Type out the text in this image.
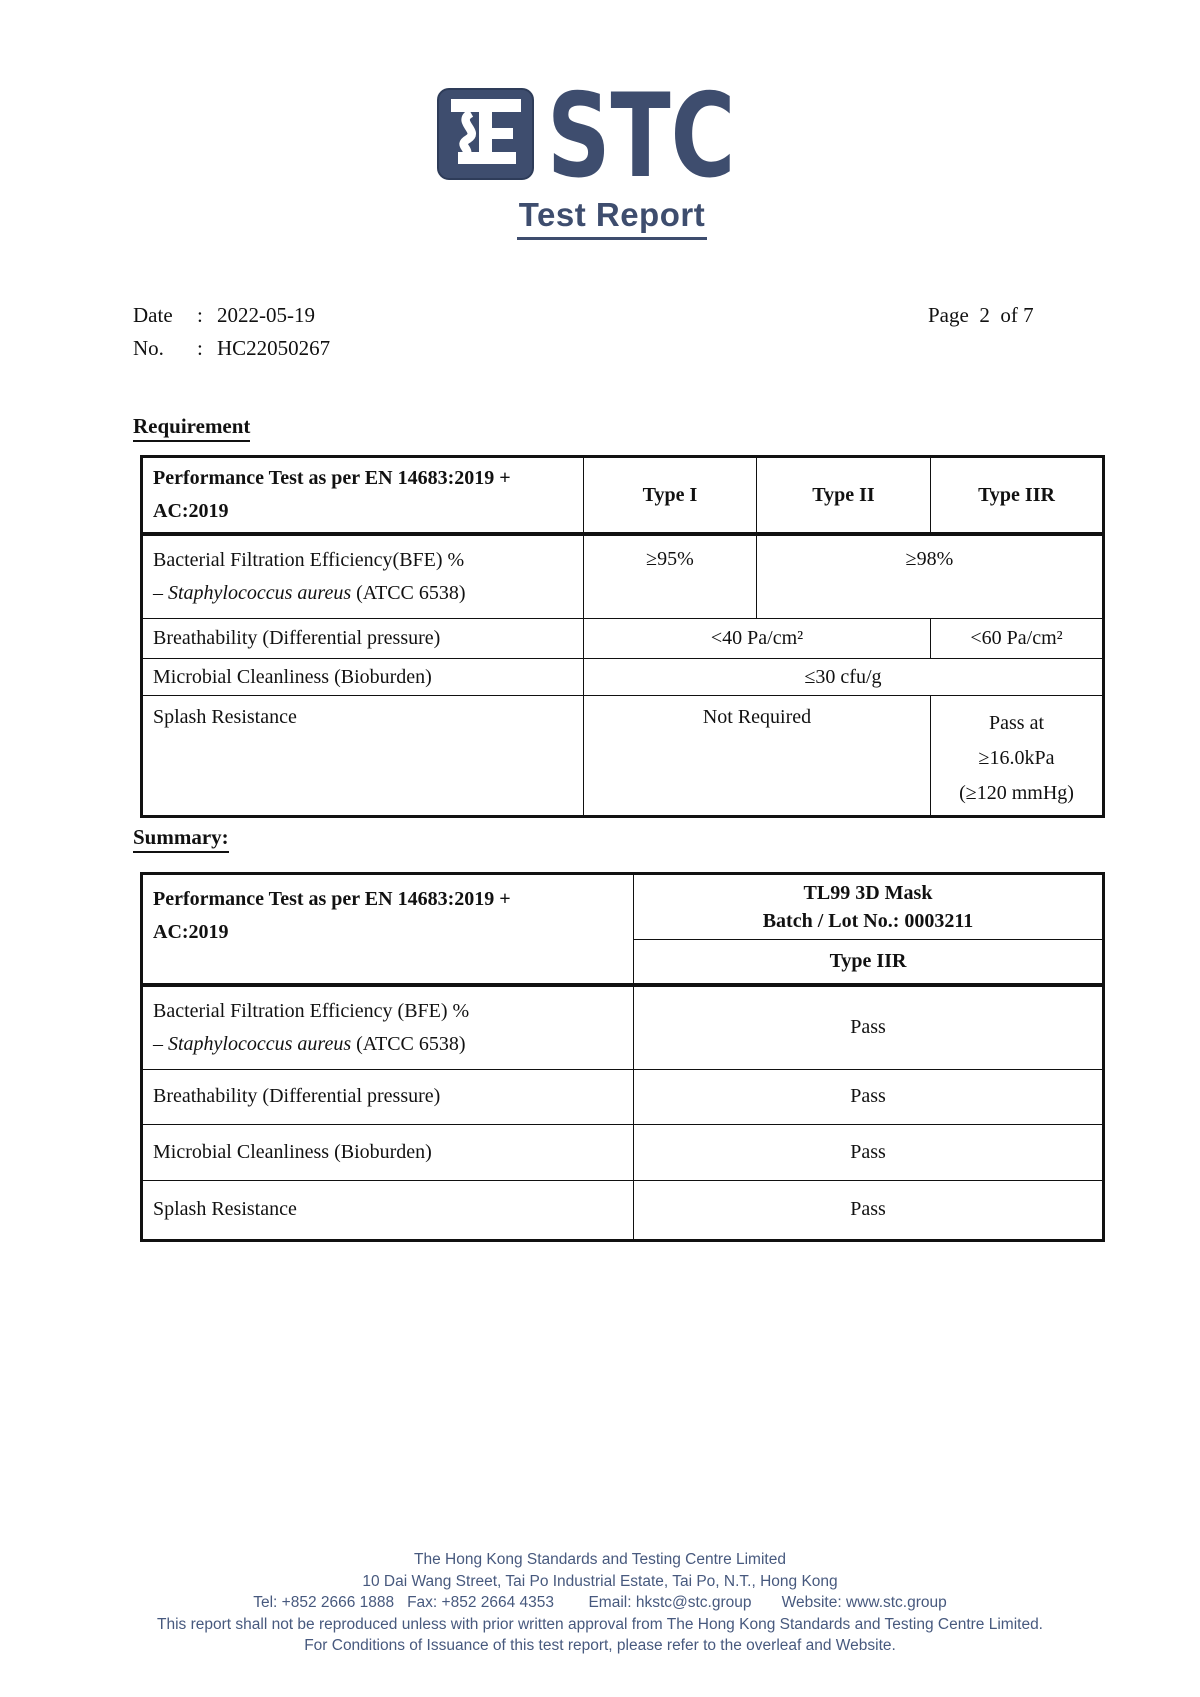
STC
Test Report
Date	: 2022-05-19
No.	: HC22050267
Page  2  of 7
Requirement
Performance Test as per EN 14683:2019 +
AC:2019	Type I	Type II	Type IIR

Bacterial Filtration Efficiency(BFE) %
– Staphylococcus aureus (ATCC 6538)	≥95%	≥98%	
Breathability (Differential pressure)	<40 Pa/cm²		<60 Pa/cm²
Microbial Cleanliness (Bioburden)	≤30 cfu/g		
Splash Resistance	Not Required		Pass at
≥16.0kPa
(≥120 mmHg)
Summary:
Performance Test as per EN 14683:2019 +
AC:2019	TL99 3D Mask
Batch / Lot No.: 0003211

	Type IIR

Bacterial Filtration Efficiency (BFE) %
– Staphylococcus aureus (ATCC 6538)	Pass
Breathability (Differential pressure)	Pass
Microbial Cleanliness (Bioburden)	Pass
Splash Resistance	Pass
The Hong Kong Standards and Testing Centre Limited
10 Dai Wang Street, Tai Po Industrial Estate, Tai Po, N.T., Hong Kong
Tel: +852 2666 1888   Fax: +852 2664 4353        Email: hkstc@stc.group       Website: www.stc.group
This report shall not be reproduced unless with prior written approval from The Hong Kong Standards and Testing Centre Limited.
For Conditions of Issuance of this test report, please refer to the overleaf and Website.
